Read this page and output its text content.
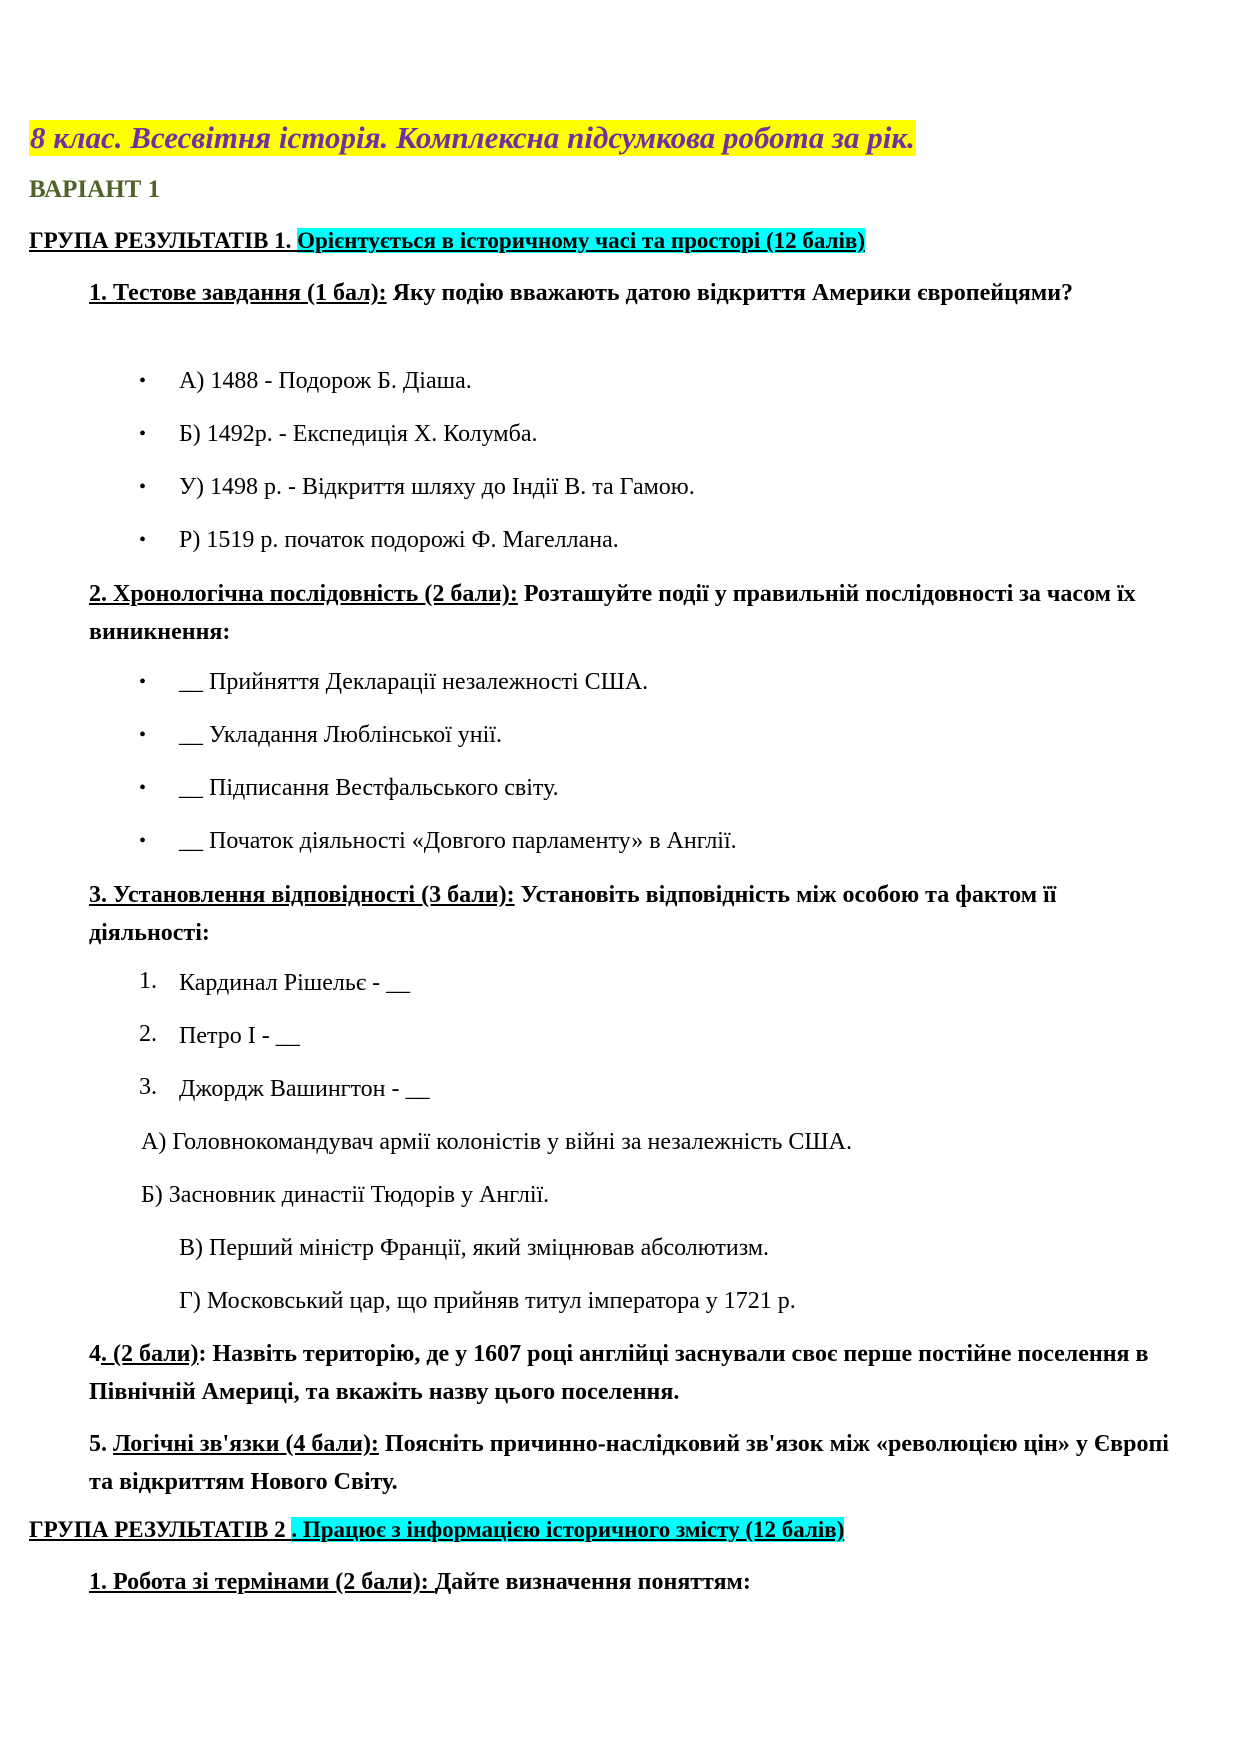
8 клас. Всесвітня історія. Комплексна підсумкова робота за рік.
ВАРІАНТ 1
ГРУПА РЕЗУЛЬТАТІВ 1. Орієнтується в історичному часі та просторі (12 балів)
1. Тестове завдання (1 бал): Яку подію вважають датою відкриття Америки європейцями?
• А) 1488 - Подорож Б. Діаша.
• Б) 1492р. - Експедиція Х. Колумба.
• У) 1498 р. - Відкриття шляху до Індії В. та Гамою.
• Р) 1519 р. початок подорожі Ф. Магеллана.
2. Хронологічна послідовність (2 бали): Розташуйте події у правильній послідовності за часом їх виникнення:
• __ Прийняття Декларації незалежності США.
• __ Укладання Люблінської унії.
• __ Підписання Вестфальського світу.
• __ Початок діяльності «Довгого парламенту» в Англії.
3. Установлення відповідності (3 бали): Установіть відповідність між особою та фактом її діяльності:
1. Кардинал Рішельє - __
2. Петро І - __
3. Джордж Вашингтон - __
А) Головнокомандувач армії колоністів у війні за незалежність США.
Б) Засновник династії Тюдорів у Англії.
В) Перший міністр Франції, який зміцнював абсолютизм.
Г) Московський цар, що прийняв титул імператора у 1721 р.
4. (2 бали): Назвіть територію, де у 1607 році англійці заснували своє перше постійне поселення в Північній Америці, та вкажіть назву цього поселення.
5. Логічні зв'язки (4 бали): Поясніть причинно-наслідковий зв'язок між «революцією цін» у Європі та відкриттям Нового Світу.
ГРУПА РЕЗУЛЬТАТІВ 2 . Працює з інформацією історичного змісту (12 балів)
1. Робота зі термінами (2 бали): Дайте визначення поняттям:
